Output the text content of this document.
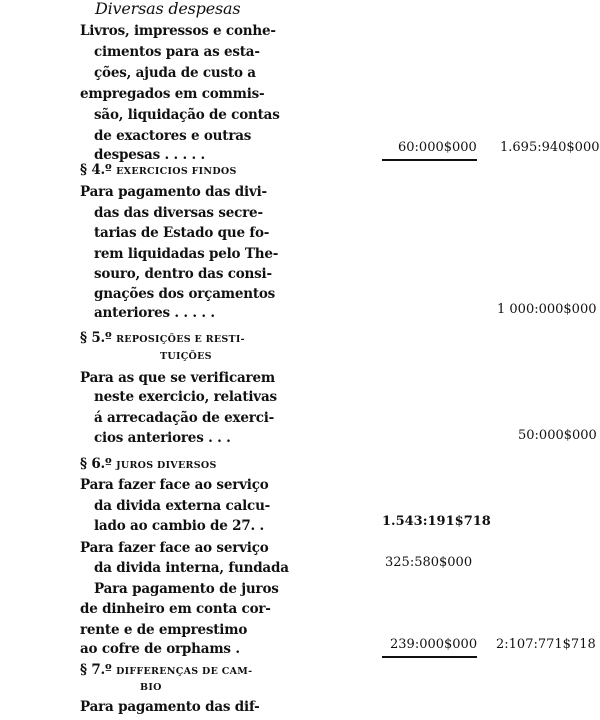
Diversas despesas
Livros, impressos e conhe-
cimentos para as esta-
ções, ajuda de custo a
empregados em commis-
são, liquidação de contas
de exactores e outras
despesas . . . . .	60:000$000 1.695:940$000
§ 4.º EXERCICIOS FINDOS
Para pagamento das divi-
das das diversas secre-
tarias de Estado que fo-
rem liquidadas pelo The-
souro, dentro das consi-
gnações dos orçamentos
anteriores . . . . .	1 000:000$000
§ 5.º REPOSIÇÕES E RESTI-
TUIÇÕES
Para as que se verificarem
neste exercicio, relativas
á arrecadação de exerci-
cios anteriores . . .	50:000$000
§ 6.º JUROS DIVERSOS
Para fazer face ao serviço
da divida externa calcu-
lado ao cambio de 27. .	1.543:191$718
Para fazer face ao serviço
da divida interna, fundada	325:580$000
Para pagamento de juros
de dinheiro em conta cor-
rente e de emprestimo
ao cofre de orphams .	239:000$000 2:107:771$718
§ 7.º DIFFERENÇAS DE CAM-
BIO
Para pagamento das dif-
